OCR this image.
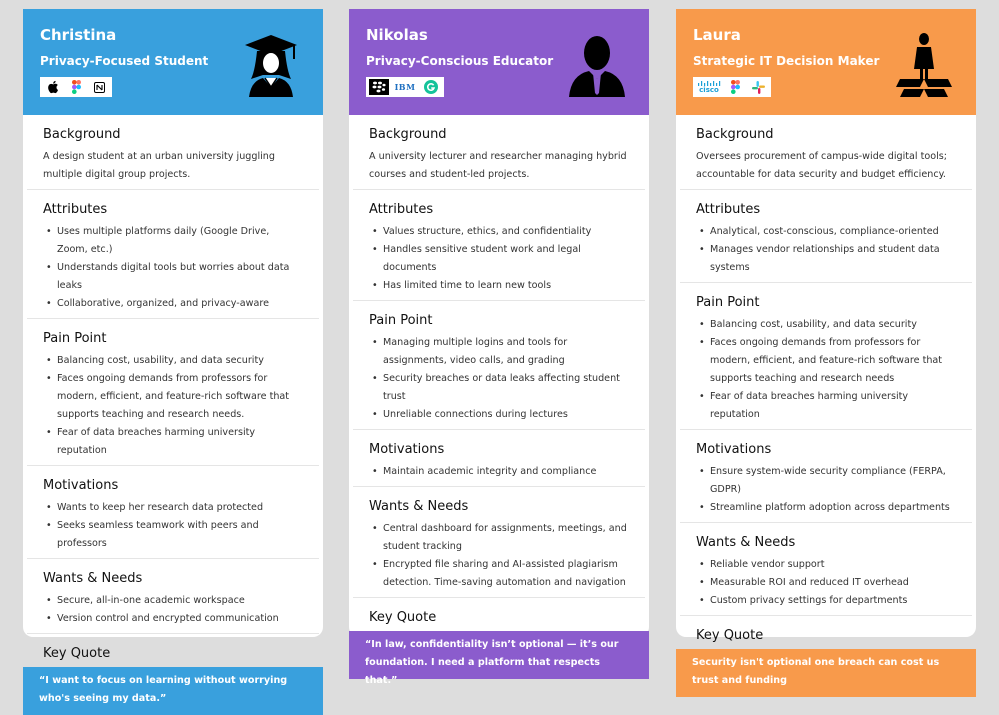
Christina
Privacy-Focused Student
Background

A design student at an urban university juggling multiple digital group projects.

Attributes
• Uses multiple platforms daily (Google Drive, Zoom, etc.)
• Understands digital tools but worries about data leaks
• Collaborative, organized, and privacy-aware
Pain Point
• Balancing cost, usability, and data security
• Faces ongoing demands from professors for modern, efficient, and feature-rich software that supports teaching and research needs.
• Fear of data breaches harming university reputation
Motivations
• Wants to keep her research data protected
• Seeks seamless teamwork with peers and professors
Wants & Needs
• Secure, all-in-one academic workspace
• Version control and encrypted communication
Key Quote
“I want to focus on learning without worrying who's seeing my data.”
Nikolas
Privacy-Conscious Educator
IBM
Background

A university lecturer and researcher managing hybrid courses and student-led projects.

Attributes
• Values structure, ethics, and confidentiality
• Handles sensitive student work and legal documents
• Has limited time to learn new tools
Pain Point
• Managing multiple logins and tools for assignments, video calls, and grading
• Security breaches or data leaks affecting student trust
• Unreliable connections during lectures
Motivations
• Maintain academic integrity and compliance
Wants & Needs
• Central dashboard for assignments, meetings, and student tracking
• Encrypted file sharing and AI-assisted plagiarism detection. Time-saving automation and navigation
Key Quote
“In law, confidentiality isn’t optional — it’s our foundation. I need a platform that respects that.”
Laura
Strategic IT Decision Maker
cisco
Background

Oversees procurement of campus-wide digital tools; accountable for data security and budget efficiency.

Attributes
• Analytical, cost-conscious, compliance-oriented
• Manages vendor relationships and student data systems
Pain Point
• Balancing cost, usability, and data security
• Faces ongoing demands from professors for modern, efficient, and feature-rich software that supports teaching and research needs
• Fear of data breaches harming university reputation
Motivations
• Ensure system-wide security compliance (FERPA, GDPR)
• Streamline platform adoption across departments
Wants & Needs
• Reliable vendor support
• Measurable ROI and reduced IT overhead
• Custom privacy settings for departments
Key Quote
Security isn't optional one breach can cost us trust and funding
